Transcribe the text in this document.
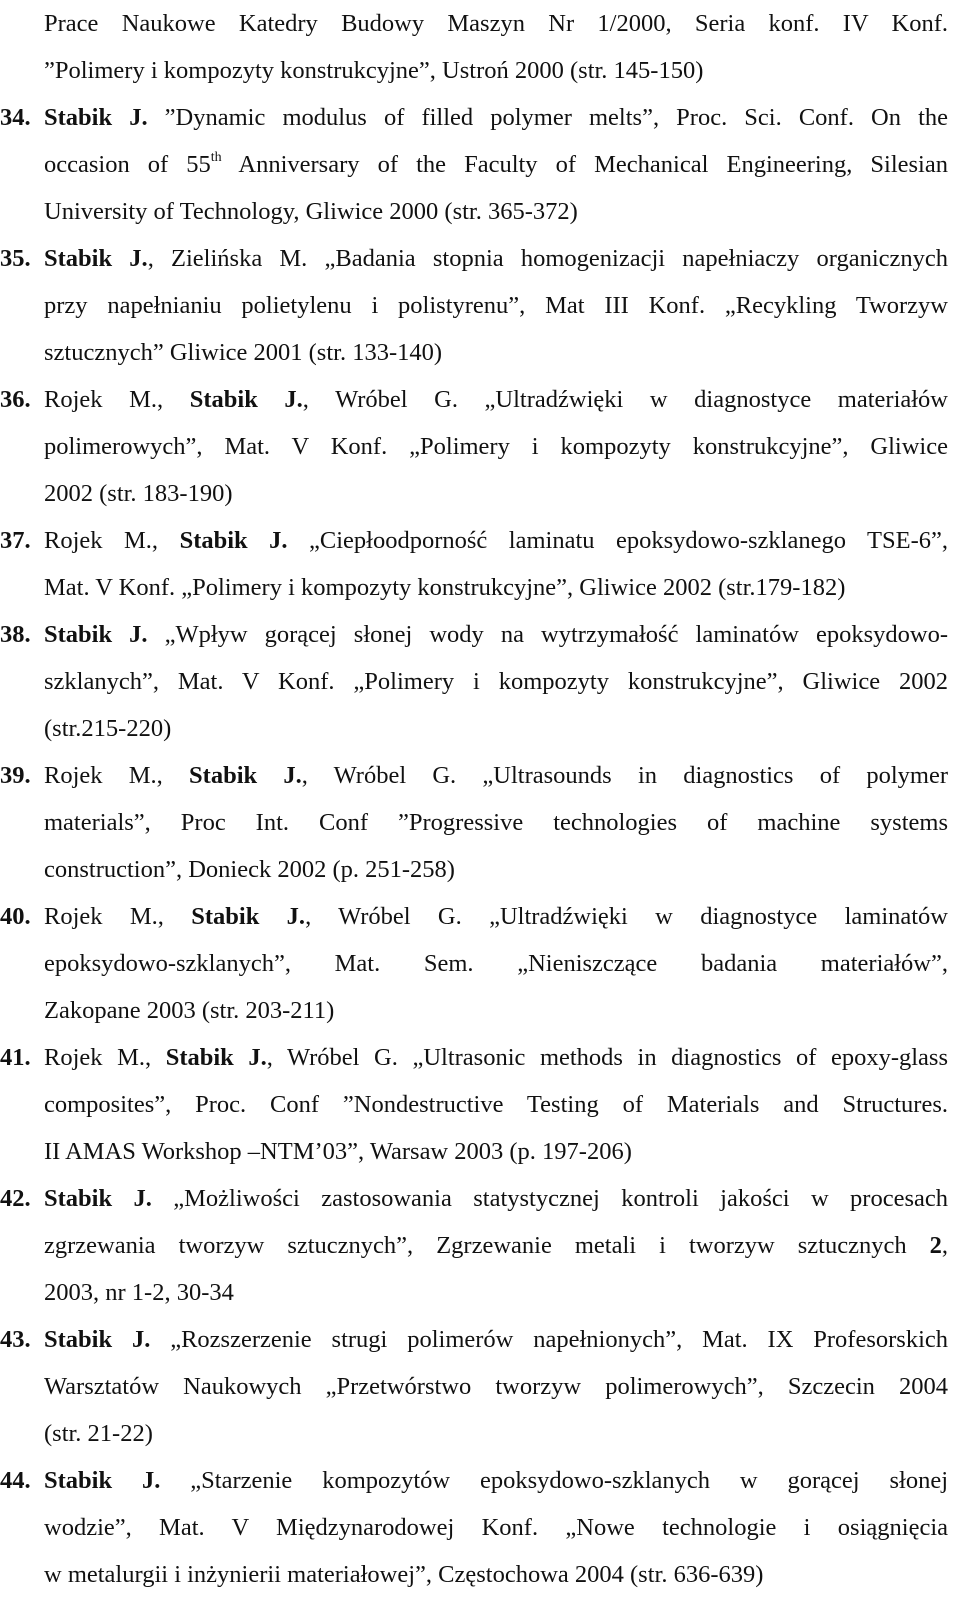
Prace Naukowe Katedry Budowy Maszyn Nr 1/2000, Seria konf. IV Konf.
”Polimery i kompozyty konstrukcyjne”, Ustroń 2000 (str. 145-150)
34. Stabik J. ”Dynamic modulus of filled polymer melts”, Proc. Sci. Conf. On the
occasion of 55th Anniversary of the Faculty of Mechanical Engineering, Silesian
University of Technology, Gliwice 2000 (str. 365-372)
35. Stabik J., Zielińska M. „Badania stopnia homogenizacji napełniaczy organicznych
przy napełnianiu polietylenu i polistyrenu”, Mat III Konf. „Recykling Tworzyw
sztucznych” Gliwice 2001 (str. 133-140)
36. Rojek M., Stabik J., Wróbel G. „Ultradźwięki w diagnostyce materiałów
polimerowych”, Mat. V Konf. „Polimery i kompozyty konstrukcyjne”, Gliwice
2002 (str. 183-190)
37. Rojek M., Stabik J. „Ciepłoodporność laminatu epoksydowo-szklanego TSE-6”,
Mat. V Konf. „Polimery i kompozyty konstrukcyjne”, Gliwice 2002 (str.179-182)
38. Stabik J. „Wpływ gorącej słonej wody na wytrzymałość laminatów epoksydowo-
szklanych”, Mat. V Konf. „Polimery i kompozyty konstrukcyjne”, Gliwice 2002
(str.215-220)
39. Rojek M., Stabik J., Wróbel G. „Ultrasounds in diagnostics of polymer
materials”, Proc Int. Conf ”Progressive technologies of machine systems
construction”, Donieck 2002 (p. 251-258)
40. Rojek M., Stabik J., Wróbel G. „Ultradźwięki w diagnostyce laminatów
epoksydowo-szklanych”, Mat. Sem. „Nieniszczące badania materiałów”,
Zakopane 2003 (str. 203-211)
41. Rojek M., Stabik J., Wróbel G. „Ultrasonic methods in diagnostics of epoxy-glass
composites”, Proc. Conf ”Nondestructive Testing of Materials and Structures.
II AMAS Workshop –NTM’03”, Warsaw 2003 (p. 197-206)
42. Stabik J. „Możliwości zastosowania statystycznej kontroli jakości w procesach
zgrzewania tworzyw sztucznych”, Zgrzewanie metali i tworzyw sztucznych 2,
2003, nr 1-2, 30-34
43. Stabik J. „Rozszerzenie strugi polimerów napełnionych”, Mat. IX Profesorskich
Warsztatów Naukowych „Przetwórstwo tworzyw polimerowych”, Szczecin 2004
(str. 21-22)
44. Stabik J. „Starzenie kompozytów epoksydowo-szklanych w gorącej słonej
wodzie”, Mat. V Międzynarodowej Konf. „Nowe technologie i osiągnięcia
w metalurgii i inżynierii materiałowej”, Częstochowa 2004 (str. 636-639)
